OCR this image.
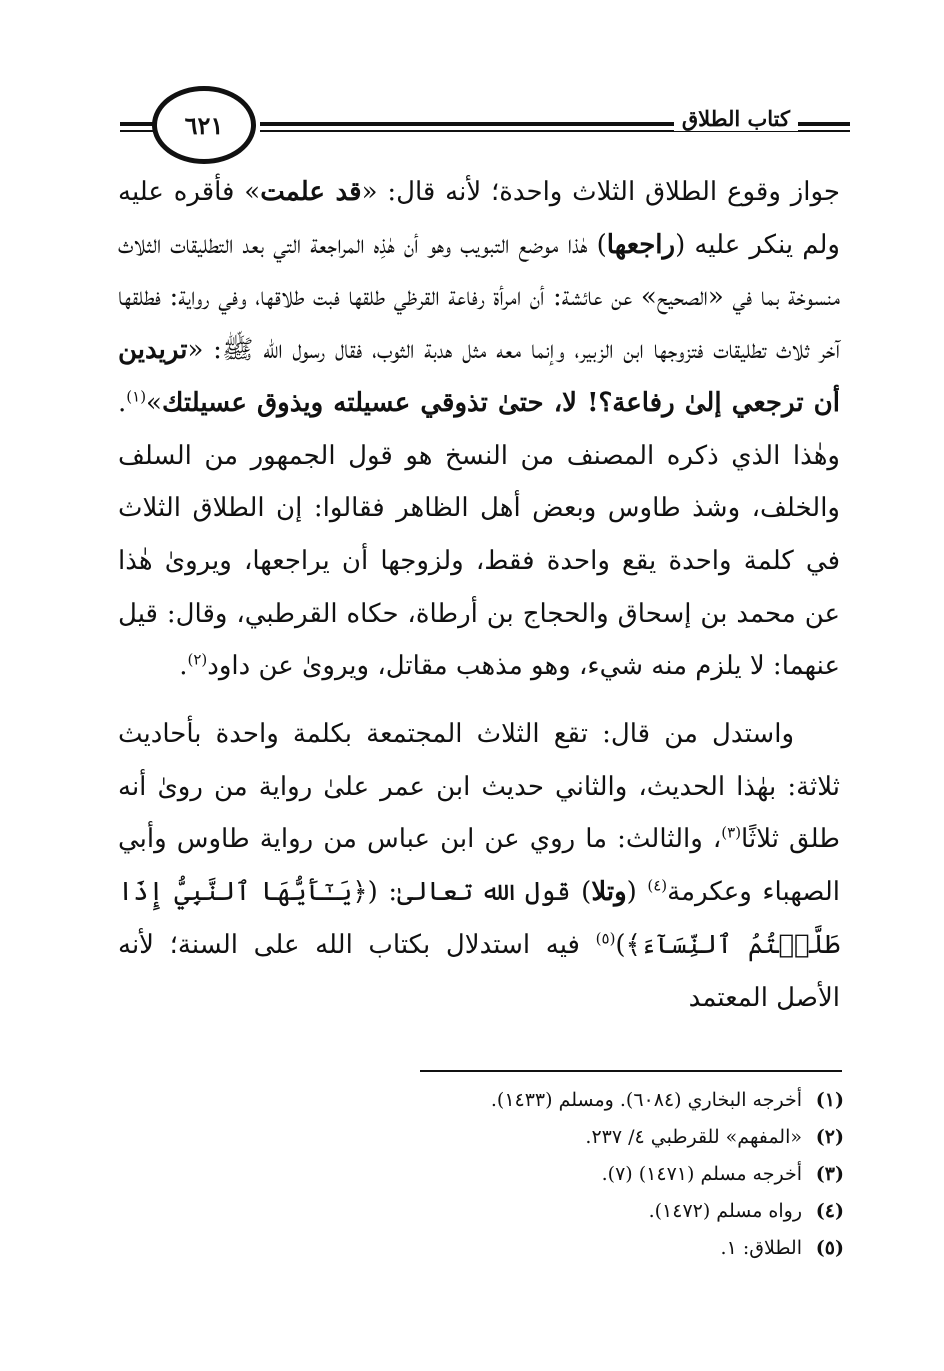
كتاب الطلاق
٦٢١

جواز وقوع الطلاق الثلاث واحدة؛ لأنه قال: «قد علمت» فأقره عليه ولم ينكر عليه (راجعها) هٰذا موضع التبويب وهو أن هٰذِه المراجعة التي بعد التطليقات الثلاث منسوخة بما في «الصحيح» عن عائشة: أن امرأة رفاعة القرظي طلقها فبت طلاقها، وفي رواية: فطلقها آخر ثلاث تطليقات فتزوجها ابن الزبير، وإنما معه مثل هدبة الثوب، فقال رسول الله ﷺ: «تريدين أن ترجعي إلىٰ رفاعة؟! لا، حتىٰ تذوقي عسيلته ويذوق عسيلتك»$^{(١)}$. وهٰذا الذي ذكره المصنف من النسخ هو قول الجمهور من السلف والخلف، وشذ طاوس وبعض أهل الظاهر فقالوا: إن الطلاق الثلاث في كلمة واحدة يقع واحدة فقط، ولزوجها أن يراجعها، ويروىٰ هٰذا عن محمد بن إسحاق والحجاج بن أرطاة، حكاه القرطبي، وقال: قيل عنهما: لا يلزم منه شيء، وهو مذهب مقاتل، ويروىٰ عن داود$^{(٢)}$.

واستدل من قال: تقع الثلاث المجتمعة بكلمة واحدة بأحاديث ثلاثة: بهٰذا الحديث، والثاني حديث ابن عمر علىٰ رواية من روىٰ أنه طلق ثلاثًا$^{(٣)}$، والثالث: ما روي عن ابن عباس من رواية طاوس وأبي الصهباء وعكرمة$^{(٤)}$ (وتلا) قول الله تعالىٰ: (﴿يَـٰٓأَيُّهَا ٱلنَّبِيُّ إِذَا طَلَّقۡتُمُ ٱلنِّسَآءَ﴾)$^{(٥)}$ فيه استدلال بكتاب الله على السنة؛ لأنه الأصل المعتمد

(١)أخرجه البخاري (٦٠٨٤). ومسلم (١٤٣٣).
(٢)«المفهم» للقرطبي ٤/ ٢٣٧.
(٣)أخرجه مسلم (١٤٧١) (٧).
(٤)رواه مسلم (١٤٧٢).
(٥)الطلاق: ١.
